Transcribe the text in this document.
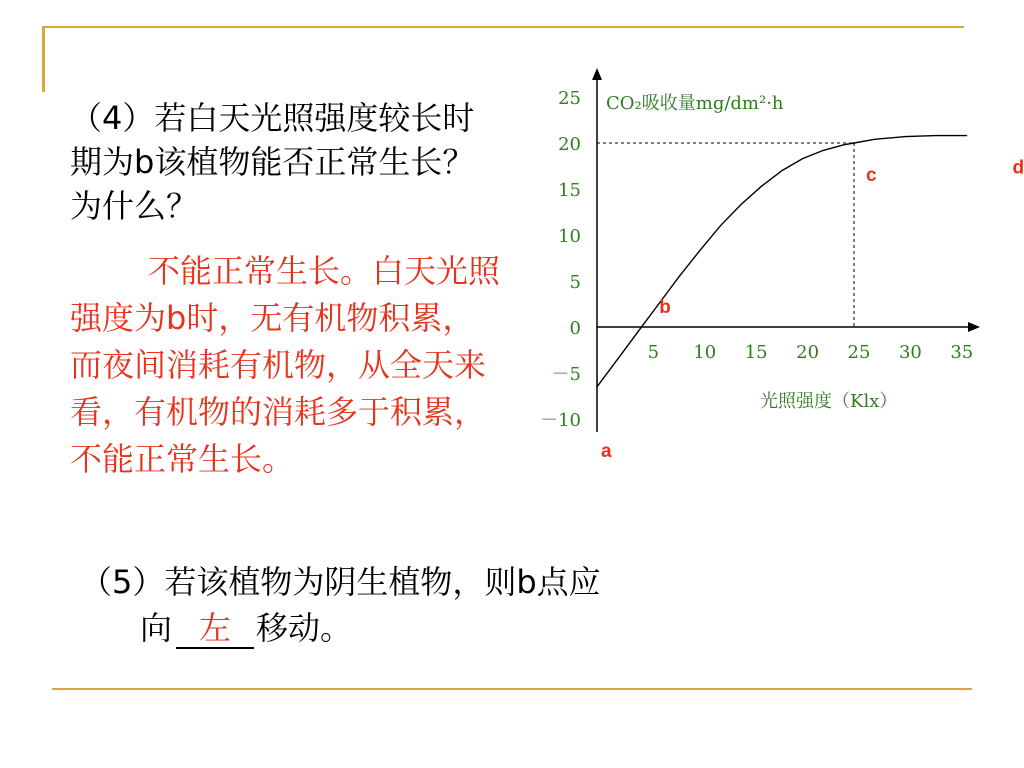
（4）若白天光照强度较长时期为b该植物能否正常生长？为什么？
不能正常生长。白天光照强度为b时，无有机物积累，而夜间消耗有机物，从全天来看，有机物的消耗多于积累，不能正常生长。
（5）若该植物为阴生植物，则b点应
向 左 移动。
25
20
15
10
5
0
－5
－10
5 10 15 20 25 30 35
a
b
c	d
CO₂吸收量mg/dm²·h
光照强度（Klx）
